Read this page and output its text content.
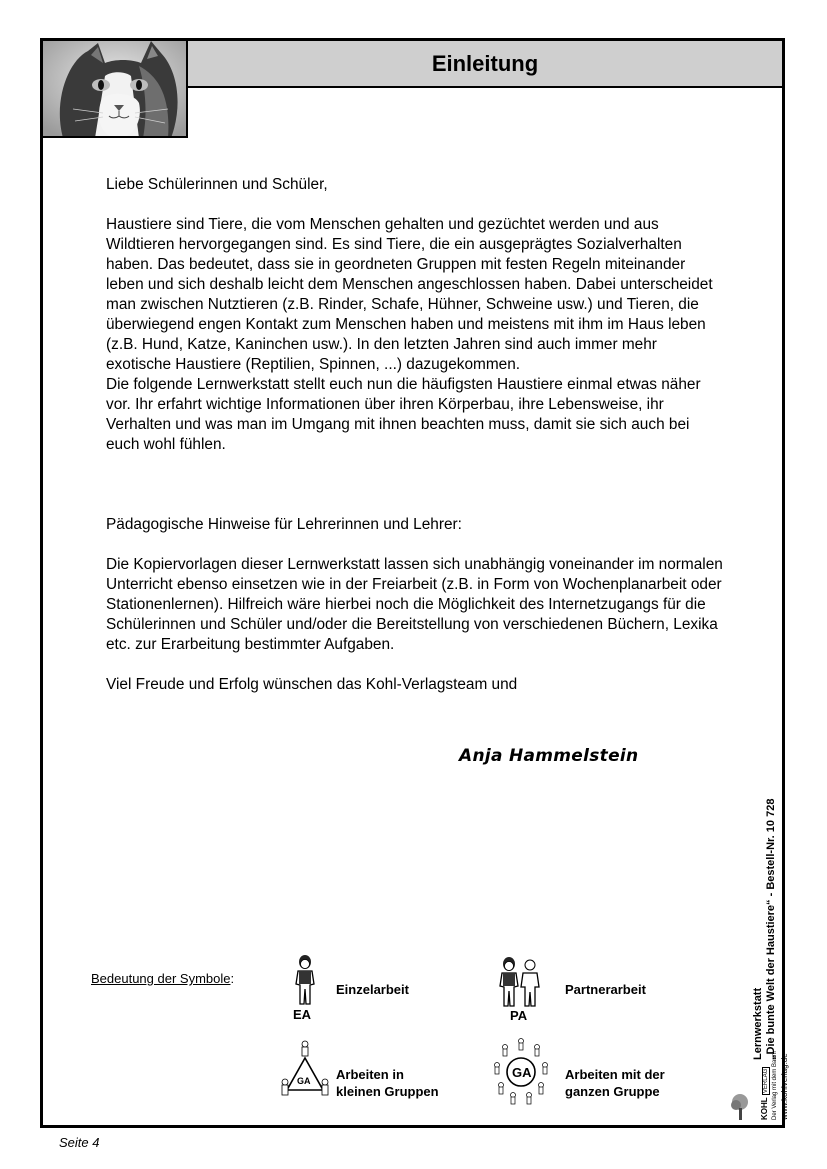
Einleitung

Liebe Schülerinnen und Schüler,

Haustiere sind Tiere, die vom Menschen gehalten und gezüchtet werden und aus Wildtieren hervorgegangen sind. Es sind Tiere, die ein ausgeprägtes Sozialverhalten haben. Das bedeutet, dass sie in geordneten Gruppen mit festen Regeln miteinander leben und sich deshalb leicht dem Menschen angeschlossen haben. Dabei unterscheidet man zwischen Nutztieren (z.B. Rinder, Schafe, Hühner, Schweine usw.) und Tieren, die überwiegend engen Kontakt zum Menschen haben und meistens mit ihm im Haus leben (z.B. Hund, Katze, Kaninchen usw.). In den letzten Jahren sind auch immer mehr exotische Haustiere (Reptilien, Spinnen, ...) dazugekommen.

Die folgende Lernwerkstatt stellt euch nun die häufigsten Haustiere einmal etwas näher vor. Ihr erfahrt wichtige Informationen über ihren Körperbau, ihre Lebensweise, ihr Verhalten und was man im Umgang mit ihnen beachten muss, damit sie sich auch bei euch wohl fühlen.

Pädagogische Hinweise für Lehrerinnen und Lehrer:

Die Kopiervorlagen dieser Lernwerkstatt lassen sich unabhängig voneinander im normalen Unterricht ebenso einsetzen wie in der Freiarbeit (z.B. in Form von Wochenplanarbeit oder Stationenlernen). Hilfreich wäre hierbei noch die Möglichkeit des Internetzugangs für die Schülerinnen und Schüler und/oder die Bereitstellung von verschiedenen Büchern, Lexika etc. zur Erarbeitung bestimmter Aufgaben.

Viel Freude und Erfolg wünschen das Kohl-Verlagsteam und

Anja Hammelstein
Bedeutung der Symbole:
EA
Einzelarbeit
PA
Partnerarbeit
GA Arbeiten in
kleinen Gruppen
GA	Arbeiten mit der
ganzen Gruppe
Lernwerkstatt „Die bunte Welt der Haustiere“ - Bestell-Nr. 10 728
KOHL VERLAG Der Verlag mit dem Baum www.kohlverlag.de
Seite 4
